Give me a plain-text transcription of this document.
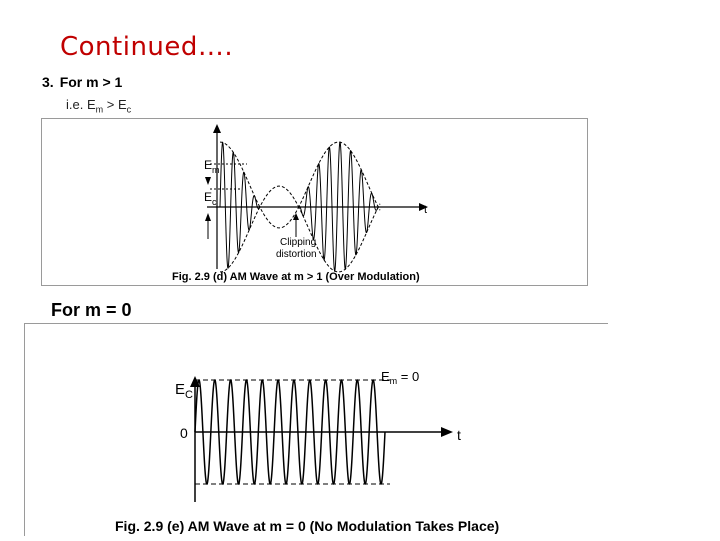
Continued….
3. For m > 1
i.e. $E_m > E_c$
t
$E_m$
$E_c$
Clipping
distortion
Fig. 2.9 (d) AM Wave at m > 1 (Over Modulation)
For m = 0
t
$E_C$
0
$E_m = 0$
Fig. 2.9 (e) AM Wave at m = 0 (No Modulation Takes Place)
